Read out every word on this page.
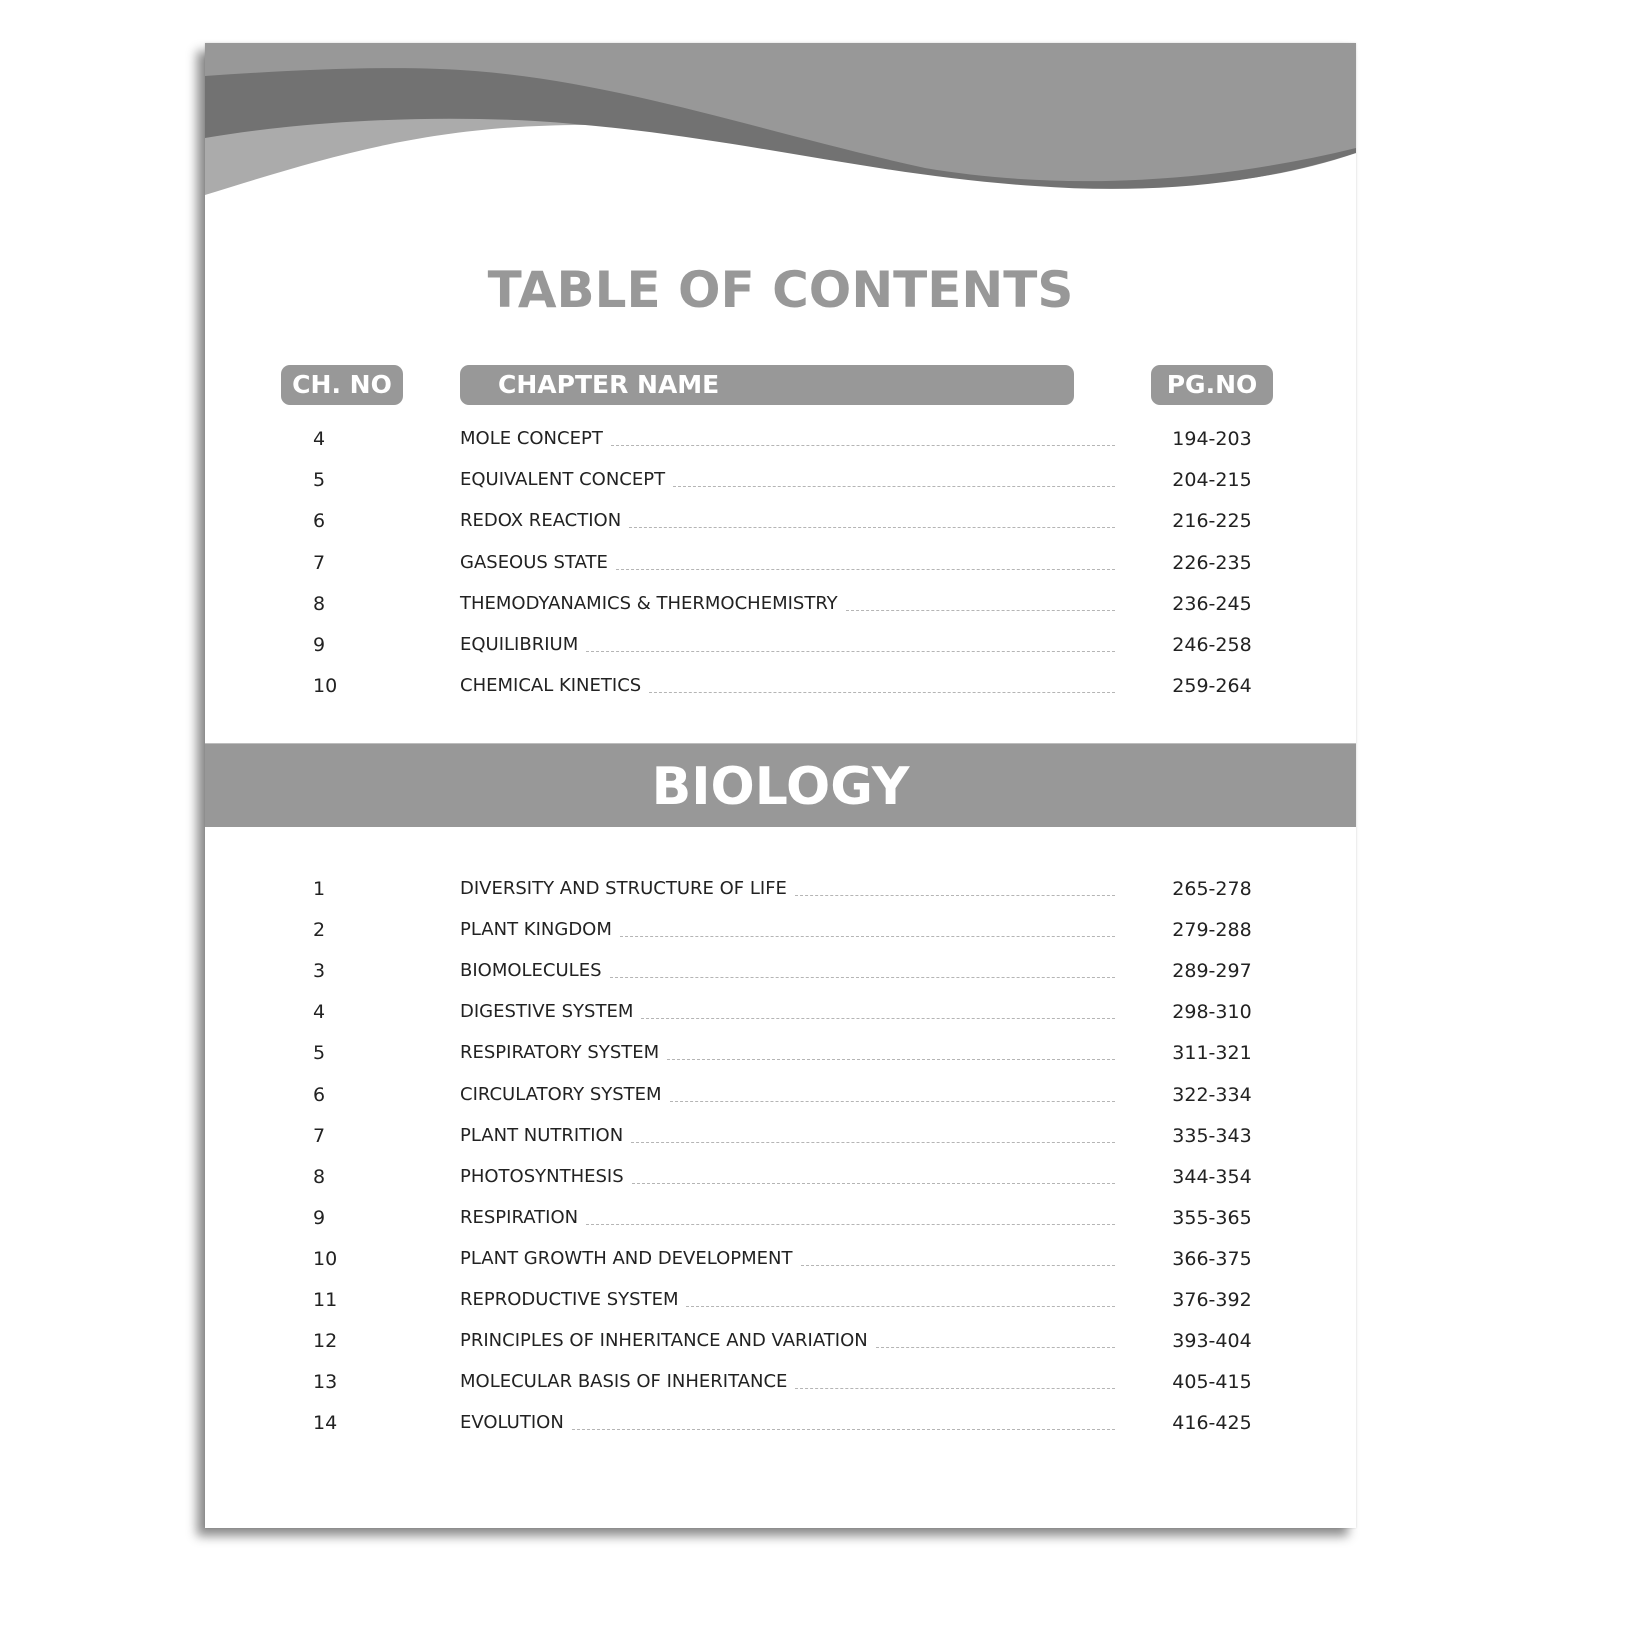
TABLE OF CONTENTS
CH. NO	CHAPTER NAME	PG.NO
4	MOLE CONCEPT	194-203
5	EQUIVALENT CONCEPT	204-215
6	REDOX REACTION	216-225
7	GASEOUS STATE	226-235
8	THEMODYANAMICS & THERMOCHEMISTRY	236-245
9	EQUILIBRIUM	246-258
10	CHEMICAL KINETICS	259-264
BIOLOGY
1	DIVERSITY AND STRUCTURE OF LIFE	265-278
2	PLANT KINGDOM	279-288
3	BIOMOLECULES	289-297
4	DIGESTIVE SYSTEM	298-310
5	RESPIRATORY SYSTEM	311-321
6	CIRCULATORY SYSTEM	322-334
7	PLANT NUTRITION	335-343
8	PHOTOSYNTHESIS	344-354
9	RESPIRATION	355-365
10	PLANT GROWTH AND DEVELOPMENT	366-375
11	REPRODUCTIVE SYSTEM	376-392
12	PRINCIPLES OF INHERITANCE AND VARIATION	393-404
13	MOLECULAR BASIS OF INHERITANCE	405-415
14	EVOLUTION	416-425
